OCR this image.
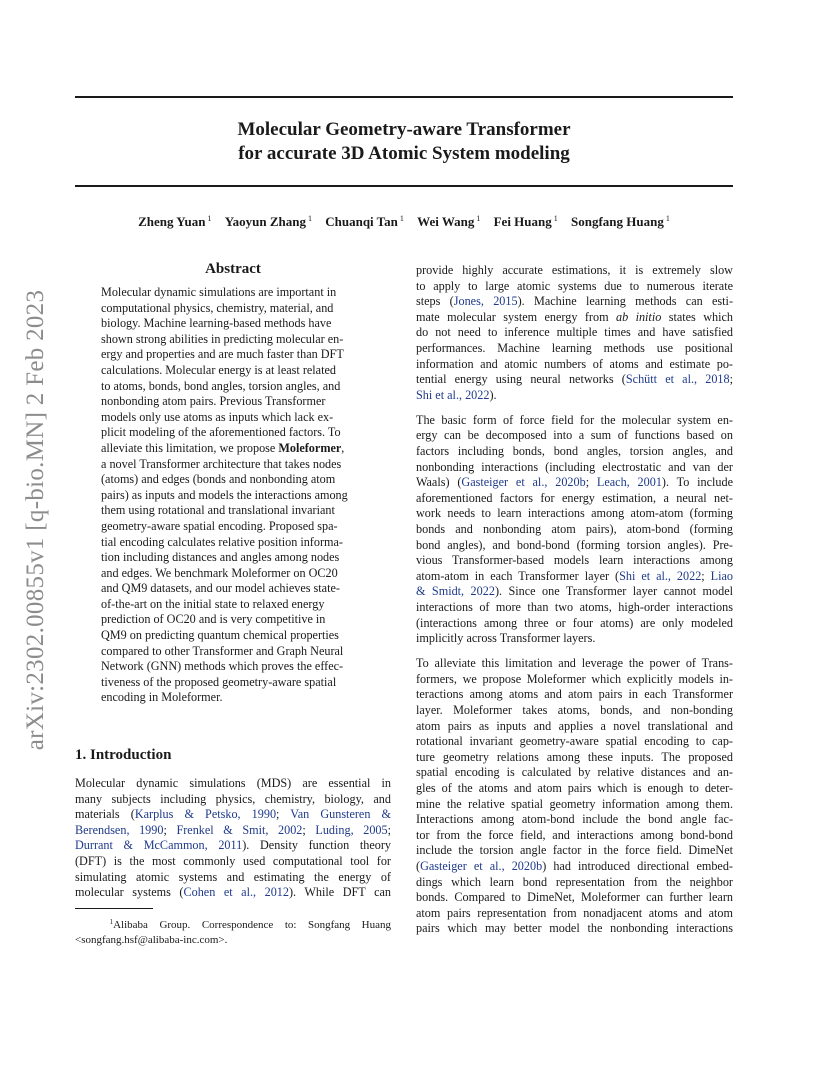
arXiv:2302.00855v1 [q-bio.MN] 2 Feb 2023
Molecular Geometry-aware Transformer
for accurate 3D Atomic System modeling
Zheng Yuan $^1$ Yaoyun Zhang $^1$ Chuanqi Tan $^1$ Wei Wang $^1$ Fei Huang $^1$ Songfang Huang $^1$
Abstract
Molecular dynamic simulations are important in
computational physics, chemistry, material, and
biology. Machine learning-based methods have
shown strong abilities in predicting molecular en-
ergy and properties and are much faster than DFT
calculations. Molecular energy is at least related
to atoms, bonds, bond angles, torsion angles, and
nonbonding atom pairs. Previous Transformer
models only use atoms as inputs which lack ex-
plicit modeling of the aforementioned factors. To
alleviate this limitation, we propose Moleformer,
a novel Transformer architecture that takes nodes
(atoms) and edges (bonds and nonbonding atom
pairs) as inputs and models the interactions among
them using rotational and translational invariant
geometry-aware spatial encoding. Proposed spa-
tial encoding calculates relative position informa-
tion including distances and angles among nodes
and edges. We benchmark Moleformer on OC20
and QM9 datasets, and our model achieves state-
of-the-art on the initial state to relaxed energy
prediction of OC20 and is very competitive in
QM9 on predicting quantum chemical properties
compared to other Transformer and Graph Neural
Network (GNN) methods which proves the effec-
tiveness of the proposed geometry-aware spatial
encoding in Moleformer.
1. Introduction
Molecular dynamic simulations (MDS) are essential in
many subjects including physics, chemistry, biology, and
materials (Karplus & Petsko, 1990; Van Gunsteren &
Berendsen, 1990; Frenkel & Smit, 2002; Luding, 2005;
Durrant & McCammon, 2011). Density function theory
(DFT) is the most commonly used computational tool for
simulating atomic systems and estimating the energy of
molecular systems (Cohen et al., 2012). While DFT can
$^1$Alibaba Group. Correspondence to: Songfang Huang
<songfang.hsf@alibaba-inc.com>.
provide highly accurate estimations, it is extremely slow
to apply to large atomic systems due to numerous iterate
steps (Jones, 2015). Machine learning methods can esti-
mate molecular system energy from ab initio states which
do not need to inference multiple times and have satisfied
performances. Machine learning methods use positional
information and atomic numbers of atoms and estimate po-
tential energy using neural networks (Schütt et al., 2018;
Shi et al., 2022).
The basic form of force field for the molecular system en-
ergy can be decomposed into a sum of functions based on
factors including bonds, bond angles, torsion angles, and
nonbonding interactions (including electrostatic and van der
Waals) (Gasteiger et al., 2020b; Leach, 2001). To include
aforementioned factors for energy estimation, a neural net-
work needs to learn interactions among atom-atom (forming
bonds and nonbonding atom pairs), atom-bond (forming
bond angles), and bond-bond (forming torsion angles). Pre-
vious Transformer-based models learn interactions among
atom-atom in each Transformer layer (Shi et al., 2022; Liao
& Smidt, 2022). Since one Transformer layer cannot model
interactions of more than two atoms, high-order interactions
(interactions among three or four atoms) are only modeled
implicitly across Transformer layers.
To alleviate this limitation and leverage the power of Trans-
formers, we propose Moleformer which explicitly models in-
teractions among atoms and atom pairs in each Transformer
layer. Moleformer takes atoms, bonds, and non-bonding
atom pairs as inputs and applies a novel translational and
rotational invariant geometry-aware spatial encoding to cap-
ture geometry relations among these inputs. The proposed
spatial encoding is calculated by relative distances and an-
gles of the atoms and atom pairs which is enough to deter-
mine the relative spatial geometry information among them.
Interactions among atom-bond include the bond angle fac-
tor from the force field, and interactions among bond-bond
include the torsion angle factor in the force field. DimeNet
(Gasteiger et al., 2020b) had introduced directional embed-
dings which learn bond representation from the neighbor
bonds. Compared to DimeNet, Moleformer can further learn
atom pairs representation from nonadjacent atoms and atom
pairs which may better model the nonbonding interactions
